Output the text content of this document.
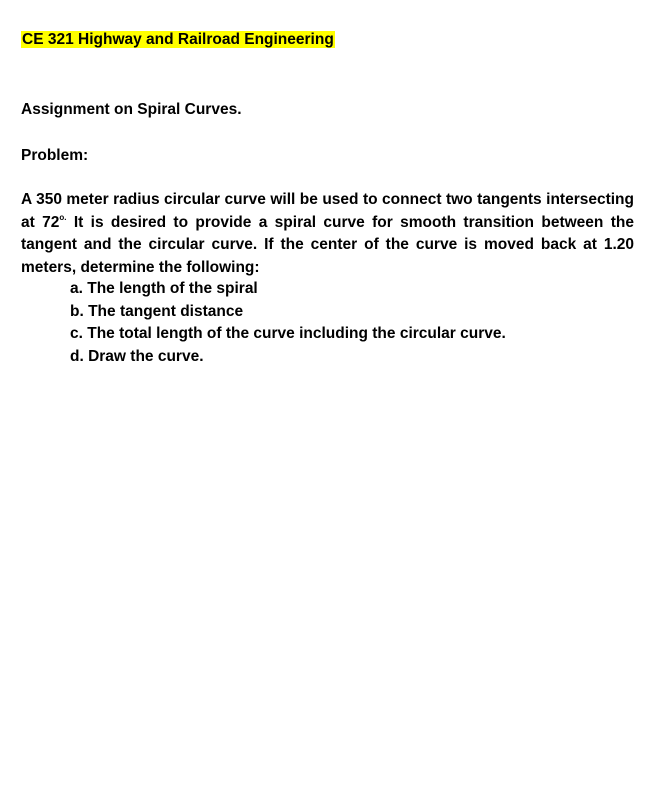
CE 321 Highway and Railroad Engineering

Assignment on Spiral Curves.

Problem:

A 350 meter radius circular curve will be used to connect two tangents intersecting at $72^{o.}$ It is desired to provide a spiral curve for smooth transition between the tangent and the circular curve. If the center of the curve is moved back at 1.20 meters, determine the following:

a. The length of the spiral
b. The tangent distance
c. The total length of the curve including the circular curve.
d. Draw the curve.
